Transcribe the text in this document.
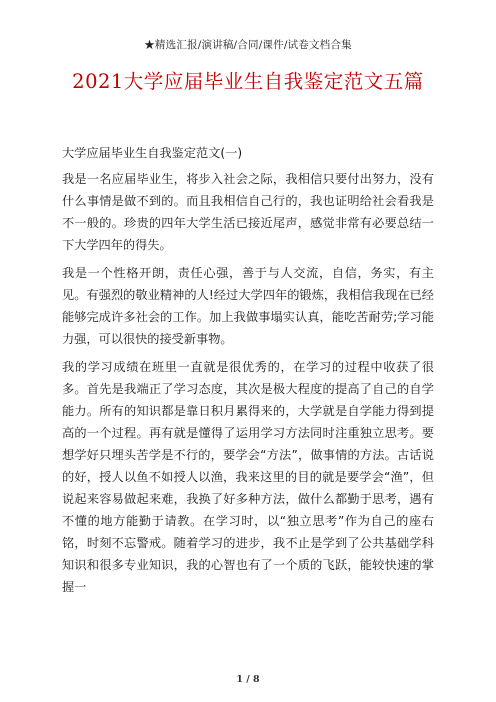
★精选汇报/演讲稿/合同/课件/试卷文档合集
2021大学应届毕业生自我鉴定范文五篇
大学应届毕业生自我鉴定范文(一)

我是一名应届毕业生，将步入社会之际，我相信只要付出努力，没有什么事情是做不到的。而且我相信自己行的，我也证明给社会看我是不一般的。珍贵的四年大学生活已接近尾声，感觉非常有必要总结一下大学四年的得失。

我是一个性格开朗，责任心强，善于与人交流，自信，务实，有主见。有强烈的敬业精神的人!经过大学四年的锻炼，我相信我现在已经能够完成许多社会的工作。加上我做事塌实认真，能吃苦耐劳;学习能力强，可以很快的接受新事物。

我的学习成绩在班里一直就是很优秀的，在学习的过程中收获了很多。首先是我端正了学习态度，其次是极大程度的提高了自己的自学能力。所有的知识都是靠日积月累得来的，大学就是自学能力得到提高的一个过程。再有就是懂得了运用学习方法同时注重独立思考。要想学好只埋头苦学是不行的，要学会“方法”，做事情的方法。古话说的好，授人以鱼不如授人以渔，我来这里的目的就是要学会“渔”，但说起来容易做起来难，我换了好多种方法，做什么都勤于思考，遇有不懂的地方能勤于请教。在学习时，以“独立思考”作为自己的座右铭，时刻不忘警戒。随着学习的进步，我不止是学到了公共基础学科知识和很多专业知识，我的心智也有了一个质的飞跃，能较快速的掌握一

1 / 8
